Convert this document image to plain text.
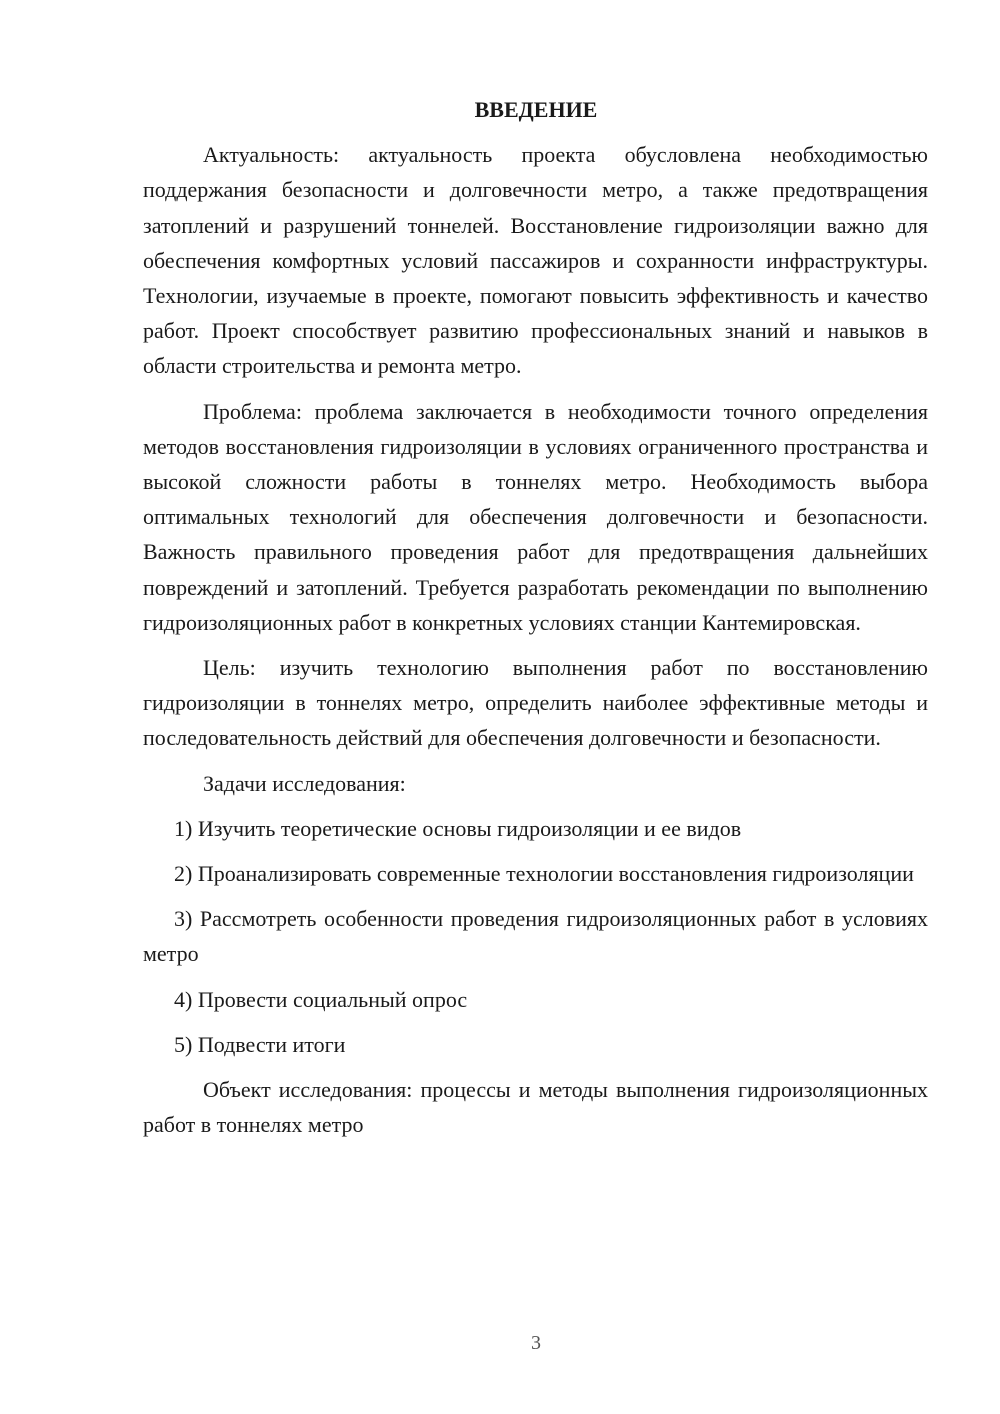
ВВЕДЕНИЕ

Актуальность: актуальность проекта обусловлена необходимостью поддержания безопасности и долговечности метро, а также предотвращения затоплений и разрушений тоннелей. Восстановление гидроизоляции важно для обеспечения комфортных условий пассажиров и сохранности инфраструктуры. Технологии, изучаемые в проекте, помогают повысить эффективность и качество работ. Проект способствует развитию профессиональных знаний и навыков в области строительства и ремонта метро.

Проблема: проблема заключается в необходимости точного определения методов восстановления гидроизоляции в условиях ограниченного пространства и высокой сложности работы в тоннелях метро. Необходимость выбора оптимальных технологий для обеспечения долговечности и безопасности. Важность правильного проведения работ для предотвращения дальнейших повреждений и затоплений. Требуется разработать рекомендации по выполнению гидроизоляционных работ в конкретных условиях станции Кантемировская.

Цель: изучить технологию выполнения работ по восстановлению гидроизоляции в тоннелях метро, определить наиболее эффективные методы и последовательность действий для обеспечения долговечности и безопасности.

Задачи исследования:

1) Изучить теоретические основы гидроизоляции и ее видов

2) Проанализировать современные технологии восстановления гидроизоляции

3) Рассмотреть особенности проведения гидроизоляционных работ в условиях метро

4) Провести социальный опрос

5) Подвести итоги

Объект исследования: процессы и методы выполнения гидроизоляционных работ в тоннелях метро

3
